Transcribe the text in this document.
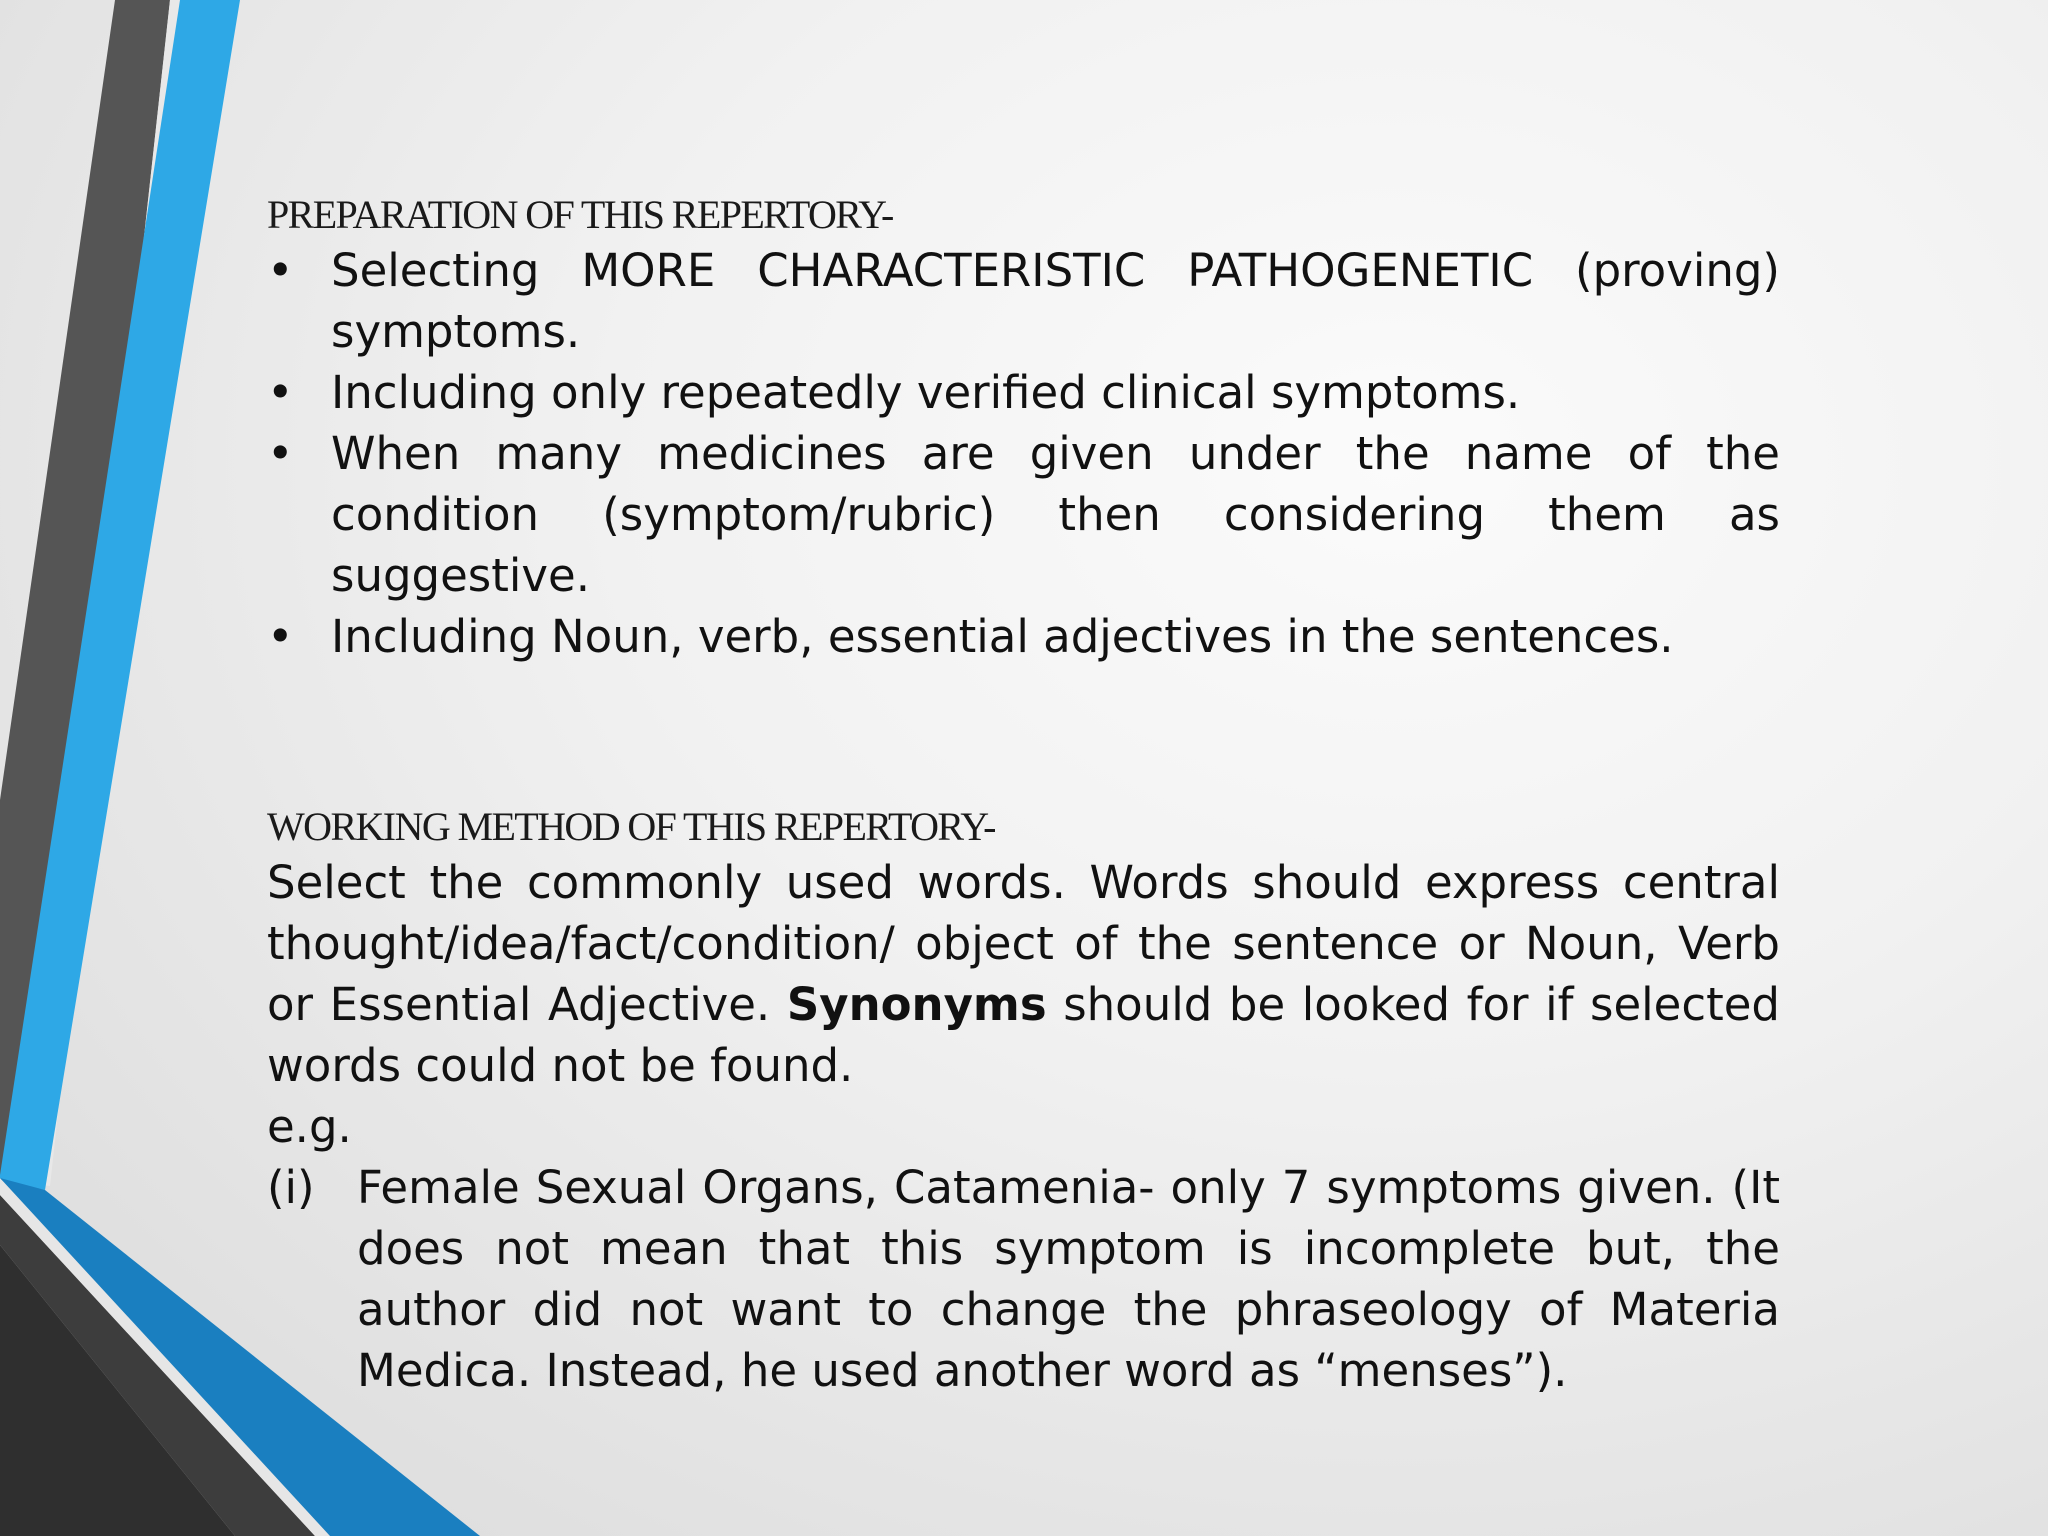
PREPARATION OF THIS REPERTORY-

• Selecting MORE CHARACTERISTIC PATHOGENETIC (proving) symptoms.
• Including only repeatedly verified clinical symptoms.
• When many medicines are given under the name of the condition (symptom/rubric) then considering them as suggestive.
• Including Noun, verb, essential adjectives in the sentences.

WORKING METHOD OF THIS REPERTORY-

Select the commonly used words. Words should express central thought/idea/fact/condition/ object of the sentence or Noun, Verb or Essential Adjective. Synonyms should be looked for if selected words could not be found.

e.g.

(i) Female Sexual Organs, Catamenia- only 7 symptoms given. (It does not mean that this symptom is incomplete but, the author did not want to change the phraseology of Materia Medica. Instead, he used another word as “menses”).
